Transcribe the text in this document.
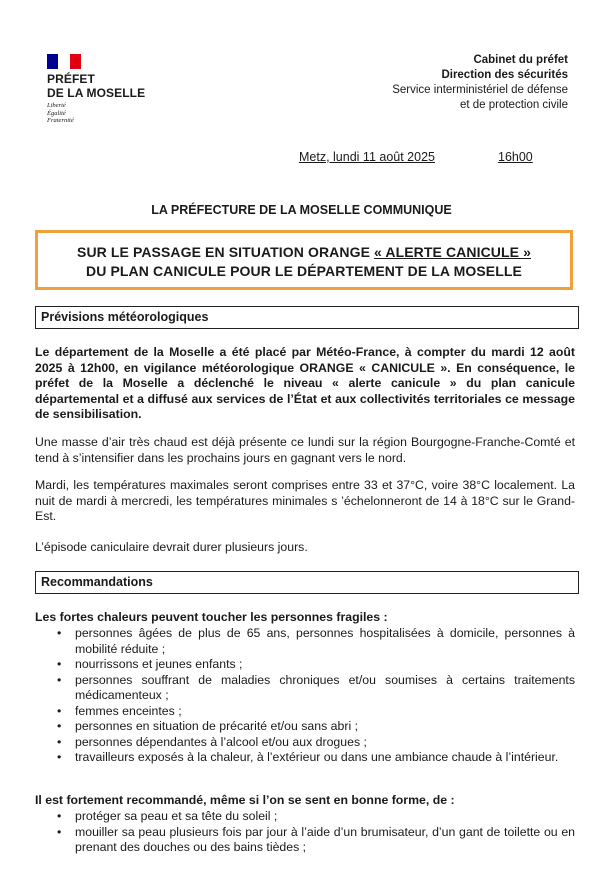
PRÉFET
DE LA MOSELLE
Liberté
Égalité
Fraternité
Cabinet du préfet
Direction des sécurités
Service interministériel de défense
et de protection civile
Metz, lundi 11 août 2025	16h00
LA PRÉFECTURE DE LA MOSELLE COMMUNIQUE
SUR LE PASSAGE EN SITUATION ORANGE « ALERTE CANICULE »
DU PLAN CANICULE POUR LE DÉPARTEMENT DE LA MOSELLE
Prévisions météorologiques
Le département de la Moselle a été placé par Météo-France, à compter du mardi 12 août 2025 à 12h00, en vigilance météorologique ORANGE « CANICULE ». En conséquence, le préfet de la Moselle a déclenché le niveau « alerte canicule » du plan canicule départemental et a diffusé aux services de l’État et aux collectivités territoriales ce message de sensibilisation.
Une masse d’air très chaud est déjà présente ce lundi sur la région Bourgogne-Franche-Comté et tend à s’intensifier dans les prochains jours en gagnant vers le nord.
Mardi, les températures maximales seront comprises entre 33 et 37°C, voire 38°C localement. La nuit de mardi à mercredi, les températures minimales s ’échelonneront de 14 à 18°C sur le Grand-Est.
L’épisode caniculaire devrait durer plusieurs jours.
Recommandations
Les fortes chaleurs peuvent toucher les personnes fragiles :
• personnes âgées de plus de 65 ans, personnes hospitalisées à domicile, personnes à mobilité réduite ;
• nourrissons et jeunes enfants ;
• personnes souffrant de maladies chroniques et/ou soumises à certains traitements médicamenteux ;
• femmes enceintes ;
• personnes en situation de précarité et/ou sans abri ;
• personnes dépendantes à l’alcool et/ou aux drogues ;
• travailleurs exposés à la chaleur, à l’extérieur ou dans une ambiance chaude à l’intérieur.
Il est fortement recommandé, même si l’on se sent en bonne forme, de :
• protéger sa peau et sa tête du soleil ;
• mouiller sa peau plusieurs fois par jour à l’aide d’un brumisateur, d’un gant de toilette ou en prenant des douches ou des bains tièdes ;
